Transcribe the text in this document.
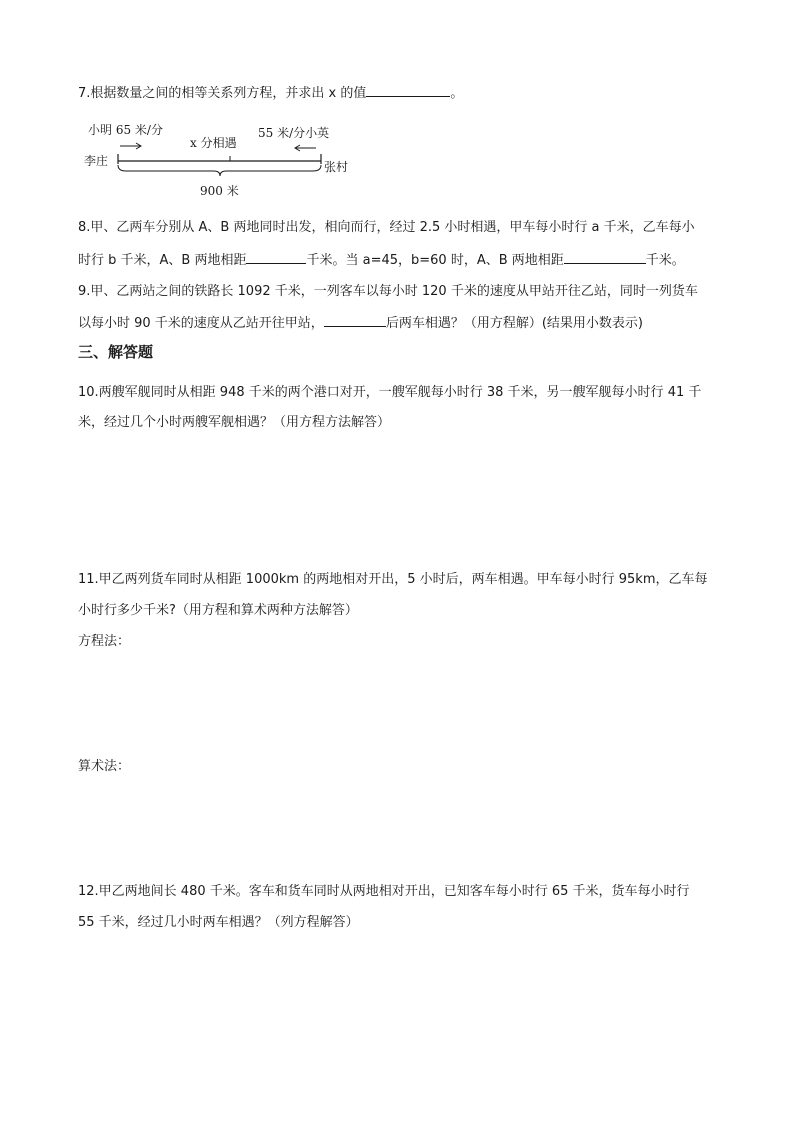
7.根据数量之间的相等关系列方程，并求出 x 的值	。
小明 65 米/分
x 分相遇
55 米/分小英
李庄	张村
900 米
8.甲、乙两车分别从 A、B 两地同时出发，相向而行，经过 2.5 小时相遇，甲车每小时行 a 千米，乙车每小
时行 b 千米，A、B 两地相距	千米。当 a=45，b=60 时，A、B 两地相距	千米。
9.甲、乙两站之间的铁路长 1092 千米，一列客车以每小时 120 千米的速度从甲站开往乙站，同时一列货车
以每小时 90 千米的速度从乙站开往甲站，	后两车相遇？（用方程解）(结果用小数表示)
三、解答题
10.两艘军舰同时从相距 948 千米的两个港口对开，一艘军舰每小时行 38 千米，另一艘军舰每小时行 41 千
米，经过几个小时两艘军舰相遇？（用方程方法解答）
11.甲乙两列货车同时从相距 1000km 的两地相对开出，5 小时后，两车相遇。甲车每小时行 95km，乙车每
小时行多少千米?（用方程和算术两种方法解答）
方程法：
算术法：
12.甲乙两地间长 480 千米。客车和货车同时从两地相对开出，已知客车每小时行 65 千米，货车每小时行
55 千米，经过几小时两车相遇？（列方程解答）
